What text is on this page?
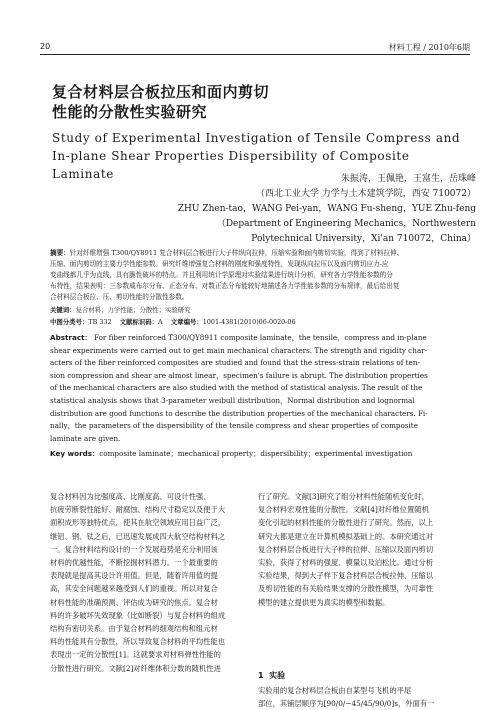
20	材料工程 / 2010年6期
复合材料层合板拉压和面内剪切
性能的分散性实验研究
Study of Experimental Investigation of Tensile Compress and
In-plane Shear Properties Dispersibility of Composite Laminate	朱振涛，王佩艳，王富生，岳珠峰
（西北工业大学 力学与土木建筑学院，西安 710072）
ZHU Zhen-tao，WANG Pei-yan，WANG Fu-sheng，YUE Zhu-feng
（Department of Engineering Mechanics，Northwestern
Polytechnical University，Xi'an 710072，China）
摘要：针对纤维增强 T300/QY8911 复合材料层合板进行大子样纵向拉伸、压缩实验和面内剪切实验，得到了材料拉伸、
压缩、面内剪切的主要力学性能参数。研究纤维增强复合材料的刚度和强度特性，发现纵向拉压以及面内剪切应力-应
变曲线都几乎为直线，具有脆性破坏的特点。并且利用统计学原理对实验结果进行统计分析，研究各力学性能参数的分
布特性，结果表明：三参数威布尔分布、正态分布、对数正态分布能较好地描述各力学性能参数的分布规律，最后给出复
合材料层合板拉、压、剪切性能的分散性参数。
关键词：复合材料；力学性能；分散性；实验研究
中图分类号：TB 332 文献标识码：A 文章编号：1001-4381(2010)06-0020-06
Abstract： For fiber reinforced T300/QY8911 composite laminate，the tensile，compress and in-plane
shear experiments were carried out to get main mechanical characters. The strength and rigidity char-
acters of the fiber reinforced composites are studied and found that the stress-strain relations of ten-
sion compression and shear are almost linear，specimen's failure is abrupt. The distribution properties
of the mechanical characters are also studied with the method of statistical analysis. The result of the
statistical analysis shows that 3-parameter weibull distribution，Normal distribution and lognormal
distribution are good functions to describe the distribution properties of the mechanical characters. Fi-
nally，the parameters of the dispersibility of the tensile compress and shear properties of composite
laminate are given.
Key words：composite laminate；mechanical property；dispersibility；experimental investigation

复合材料因为比强度高、比刚度高、可设计性强、

抗疲劳断裂性能好、耐腐蚀、结构尺寸稳定以及便于大

面积成形等独特优点，使其在航空领域应用日益广泛，

继铝、钢、钛之后，已迅速发展成四大航空结构材料之

一。复合材料结构设计的一个发展趋势是充分利用该

材料的优越性能，不断挖掘材料潜力。一个最重要的

表现就是提高其设计许用值。但是，随着许用值的提

高，其安全问题越来越受到人们的重视。所以对复合

材料性能的准确预测、评估成为研究的焦点。复合材

料的许多破坏失效现象（比如断裂）与复合材料的组成

结构有密切关系。由于复合材料的细观结构和组元材

料的性能具有分散性，所以导致复合材料的平均性能也

表现出一定的分散性[1]。这就要求对材料弹性性能的

分散性进行研究。文献[2]对纤维体积分数的随机性进

行了研究。文献[3]研究了组分材料性能随机变化时，

复合材料宏观性能的分散性。文献[4]对纤维位置随机

变化引起的材料性能的分散性进行了研究。然而，以上

研究大都是建立在计算机模拟基础上的。本研究通过对

复合材料层合板进行大子样的拉伸、压缩以及面内剪切

实验，获得了材料的强度、模量以及泊松比。通过分析

实验结果，得到大子样下复合材料层合板拉伸、压缩以

及剪切性能的有关验结果支撑的分散性模型，为可靠性

模型的建立提供更为真实的模型和数据。

1 实验

实验用的复合材料层合板由自某型号飞机的平尾

部位，其铺层顺序为[90/0/−45/45/90/0]s，外面有一
